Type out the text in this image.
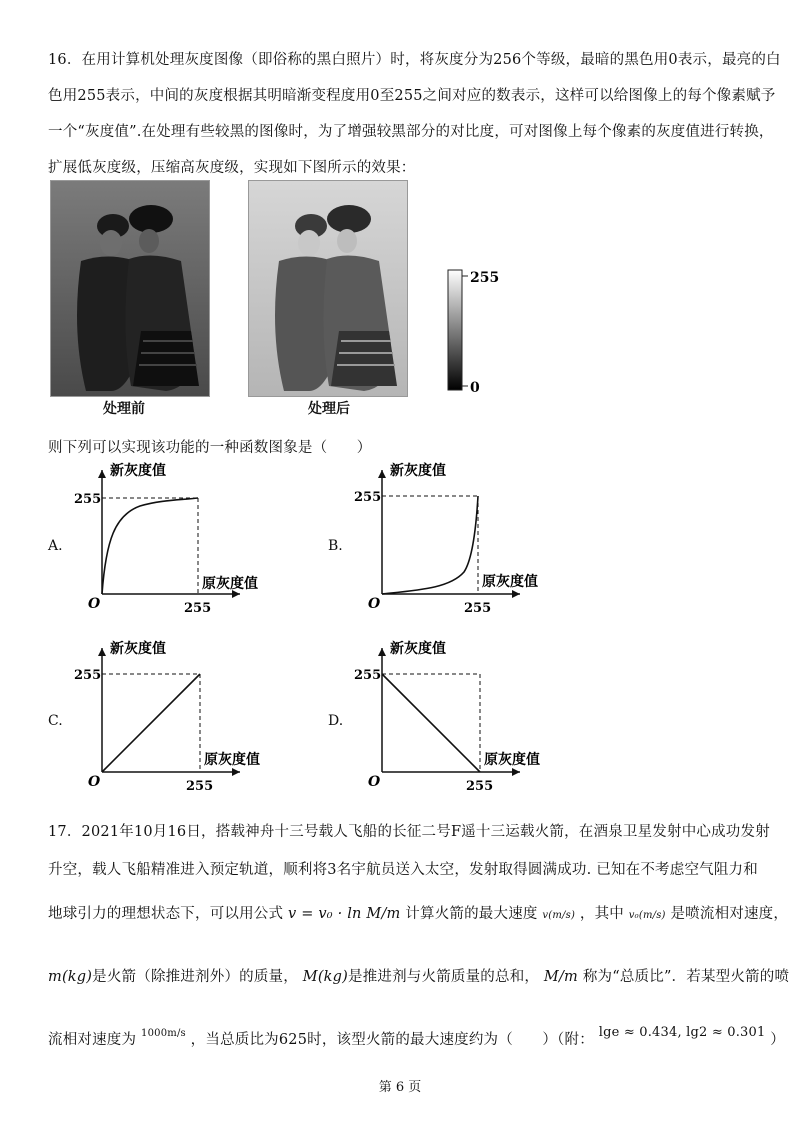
16．在用计算机处理灰度图像（即俗称的黑白照片）时，将灰度分为256个等级，最暗的黑色用0表示，最亮的白
色用255表示，中间的灰度根据其明暗渐变程度用0至255之间对应的数表示，这样可以给图像上的每个像素赋予
一个“灰度值”.在处理有些较黑的图像时，为了增强较黑部分的对比度，可对图像上每个像素的灰度值进行转换，
扩展低灰度级，压缩高灰度级，实现如下图所示的效果：
处理前	处理后
255
0
则下列可以实现该功能的一种函数图象是（　　）
A.	B.
C.	D.
新灰度值
255
原灰度值
255
O
新灰度值
255
原灰度值
255
O
新灰度值
255
原灰度值
255
O
新灰度值
255
原灰度值
255
O
17．2021年10月16日，搭载神舟十三号载人飞船的长征二号F遥十三运载火箭，在酒泉卫星发射中心成功发射
升空，载人飞船精准进入预定轨道，顺利将3名宇航员送入太空，发射取得圆满成功. 已知在不考虑空气阻力和
地球引力的理想状态下，可以用公式 v = v₀ · ln M/m 计算火箭的最大速度 v(m/s) ，其中 v₀(m/s) 是喷流相对速度，
m(kg)是火箭（除推进剂外）的质量， M(kg)是推进剂与火箭质量的总和， M/m 称为“总质比”．若某型火箭的喷
流相对速度为 $^{1000m/s}$ ，当总质比为625时，该型火箭的最大速度约为（　　）（附： lge ≈ 0.434, lg2 ≈ 0.301 ）
第 6 页
